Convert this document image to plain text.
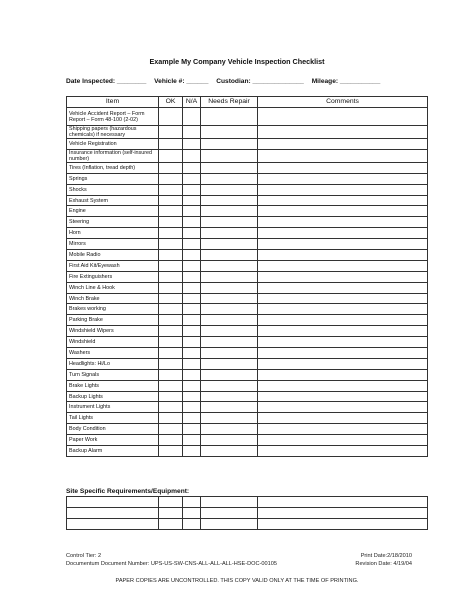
Example My Company Vehicle Inspection Checklist
Date Inspected: ________ Vehicle #: ______ Custodian: ______________ Mileage: ___________
Item	OK	N/A	Needs Repair	Comments
Vehicle Accident Report – Form Report – Form 48-100 (2-02)				
Shipping papers (hazardous chemicals) if necessary				
Vehicle Registration				
Insurance information (self-insured number)				
Tires (Inflation, tread depth)				
Springs				
Shocks				
Exhaust System				
Engine				
Steering				
Horn				
Mirrors				
Mobile Radio				
First Aid Kit/Eyewash				
Fire Extinguishers				
Winch Line & Hook				
Winch Brake				
Brakes working				
Parking Brake				
Windshield Wipers				
Windshield				
Washers				
Headlights: Hi/Lo				
Turn Signals				
Brake Lights				
Backup Lights				
Instrument Lights				
Tail Lights				
Body Condition				
Paper Work				
Backup Alarm				
Site Specific Requirements/Equipment:

Control Tier: 2
Documentum Document Number: UPS-US-SW-CNS-ALL-ALL-ALL-HSE-DOC-00105
Print Date:2/18/2010
Revision Date: 4/19/04
PAPER COPIES ARE UNCONTROLLED. THIS COPY VALID ONLY AT THE TIME OF PRINTING.
